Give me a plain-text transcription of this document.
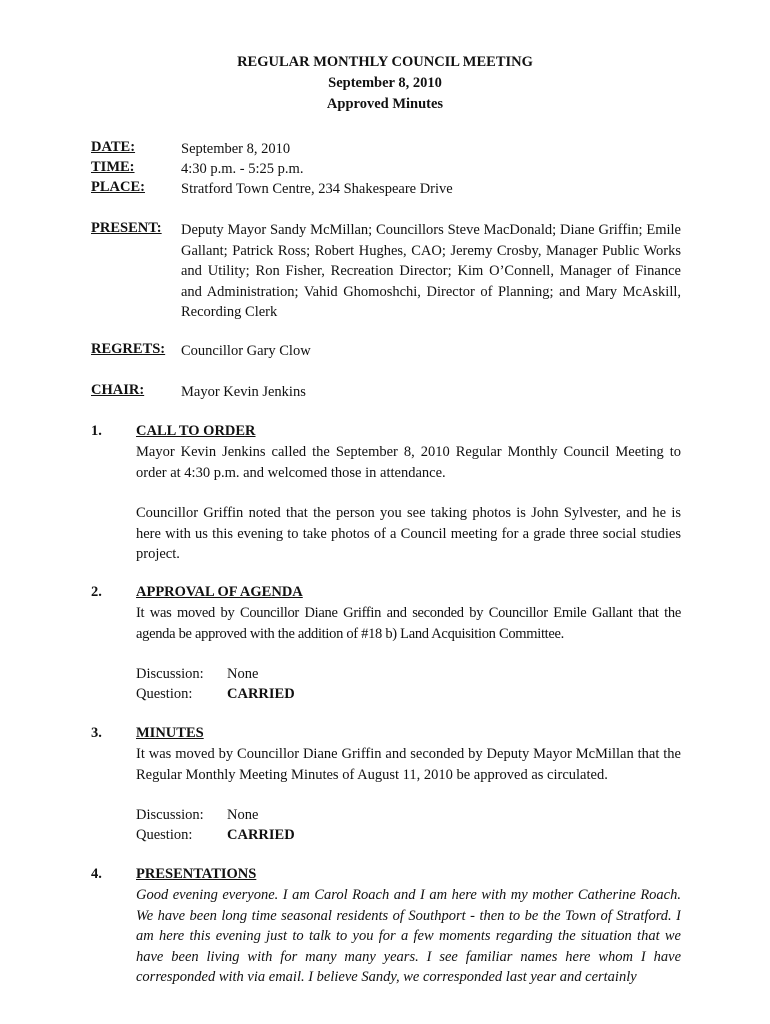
REGULAR MONTHLY COUNCIL MEETING
September 8, 2010
Approved Minutes
DATE:	September 8, 2010
TIME:	4:30 p.m. - 5:25 p.m.
PLACE: Stratford Town Centre, 234 Shakespeare Drive
PRESENT: Deputy Mayor Sandy McMillan; Councillors Steve MacDonald; Diane Griffin; Emile Gallant; Patrick Ross; Robert Hughes, CAO; Jeremy Crosby, Manager Public Works and Utility; Ron Fisher, Recreation Director; Kim O’Connell, Manager of Finance and Administration; Vahid Ghomoshchi, Director of Planning; and Mary McAskill, Recording Clerk
REGRETS: Councillor Gary Clow
CHAIR:	Mayor Kevin Jenkins
1. CALL TO ORDER
Mayor Kevin Jenkins called the September 8, 2010 Regular Monthly Council Meeting to order at 4:30 p.m. and welcomed those in attendance.
Councillor Griffin noted that the person you see taking photos is John Sylvester, and he is here with us this evening to take photos of a Council meeting for a grade three social studies project.
2. APPROVAL OF AGENDA
It was moved by Councillor Diane Griffin and seconded by Councillor Emile Gallant that the agenda be approved with the addition of #18 b) Land Acquisition Committee.
Discussion: None
Question: CARRIED
3. MINUTES
It was moved by Councillor Diane Griffin and seconded by Deputy Mayor McMillan that the Regular Monthly Meeting Minutes of August 11, 2010 be approved as circulated.
Discussion: None
Question: CARRIED
4. PRESENTATIONS
Good evening everyone. I am Carol Roach and I am here with my mother Catherine Roach. We have been long time seasonal residents of Southport - then to be the Town of Stratford. I am here this evening just to talk to you for a few moments regarding the situation that we have been living with for many many years. I see familiar names here whom I have corresponded with via email. I believe Sandy, we corresponded last year and certainly
